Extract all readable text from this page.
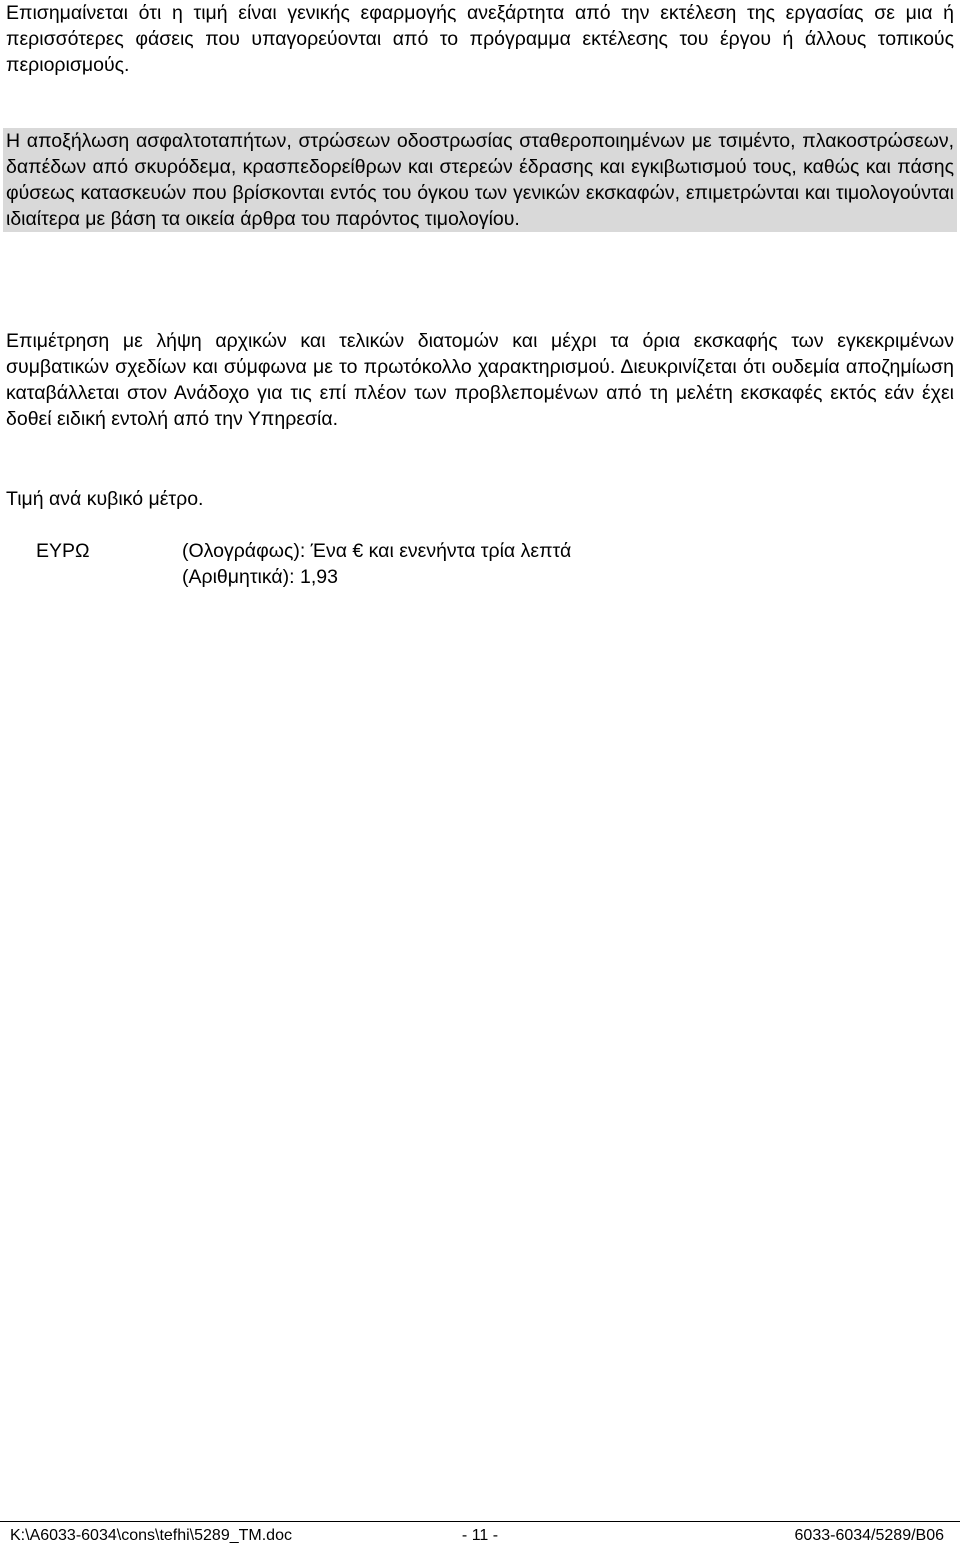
Επισημαίνεται ότι η τιμή είναι γενικής εφαρμογής ανεξάρτητα από την εκτέλεση της εργασίας σε μια ή περισσότερες φάσεις που υπαγορεύονται από το πρόγραμμα εκτέλεσης του έργου ή άλλους τοπικούς περιορισμούς.

Η αποξήλωση ασφαλτοταπήτων, στρώσεων οδοστρωσίας σταθεροποιημένων με τσιμέντο, πλακοστρώσεων, δαπέδων από σκυρόδεμα, κρασπεδορείθρων και στερεών έδρασης και εγκιβωτισμού τους, καθώς και πάσης φύσεως κατασκευών που βρίσκονται εντός του όγκου των γενικών εκσκαφών, επιμετρώνται και τιμολογούνται ιδιαίτερα με βάση τα οικεία άρθρα του παρόντος τιμολογίου.

Επιμέτρηση με λήψη αρχικών και τελικών διατομών και μέχρι τα όρια εκσκαφής των εγκεκριμένων συμβατικών σχεδίων και σύμφωνα με το πρωτόκολλο χαρακτηρισμού. Διευκρινίζεται ότι ουδεμία αποζημίωση καταβάλλεται στον Ανάδοχο για τις επί πλέον των προβλεπομένων από τη μελέτη εκσκαφές εκτός εάν έχει δοθεί ειδική εντολή από την Υπηρεσία.

Τιμή ανά κυβικό μέτρο.

ΕΥΡΩ	(Ολογράφως): Ένα € και ενενήντα τρία λεπτά
(Αριθμητικά): 1,93
K:\A6033-6034\cons\tefhi\5289_TM.doc	- 11 -	6033-6034/5289/B06
